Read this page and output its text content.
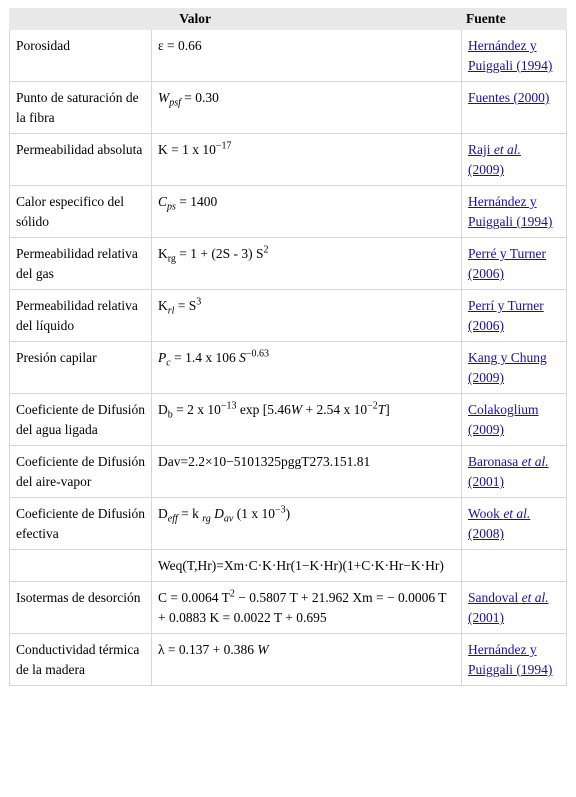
Valor		Fuente
Porosidad	ε = 0.66	Hernández y Puiggali (1994)
Punto de saturación de la fibra	$W_{psf} = 0.30$	Fuentes (2000)
Permeabilidad absoluta	K = 1 x $10^{-17}$	Raji et al. (2009)
Calor especifico del sólido	$C_{ps} = 1400$	Hernández y Puiggali (1994)
Permeabilidad relativa del gas	$K_{rg} = 1 + (2S - 3)$ $S^2$	Perré y Turner (2006)
Permeabilidad relativa del líquido	$K_{rl} = S^3$	Perrí y Turner (2006)
Presión capilar	$P_c = 1.4$ x 106 $S^{-0.63}$	Kang y Chung (2009)
Coeficiente de Difusión del agua ligada	$D_b = 2$ x $10^{-13}$ exp [5.46W + 2.54 x $10^{-2}T$]	Colakoglium (2009)
Coeficiente de Difusión del aire-vapor	Dav=2.2×10−5101325pggT273.151.81	Baronasa et al. (2001)
Coeficiente de Difusión efectiva	$D_{eff} = k$ $_{rg}$ $D_{av}$ (1 x $10^{-3}$)	Wook et al. (2008)
	Weq(T,Hr)=Xm·C·K·Hr(1−K·Hr)(1+C·K·Hr−K·Hr)	
Isotermas de desorción	C = 0.0064 $T^2 - 0.5807$ T + 21.962 Xm = − 0.0006 T + 0.0883 K = 0.0022 T + 0.695	Sandoval et al. (2001)
Conductividad térmica de la madera	λ = 0.137 + 0.386 W	Hernández y Puiggali (1994)
